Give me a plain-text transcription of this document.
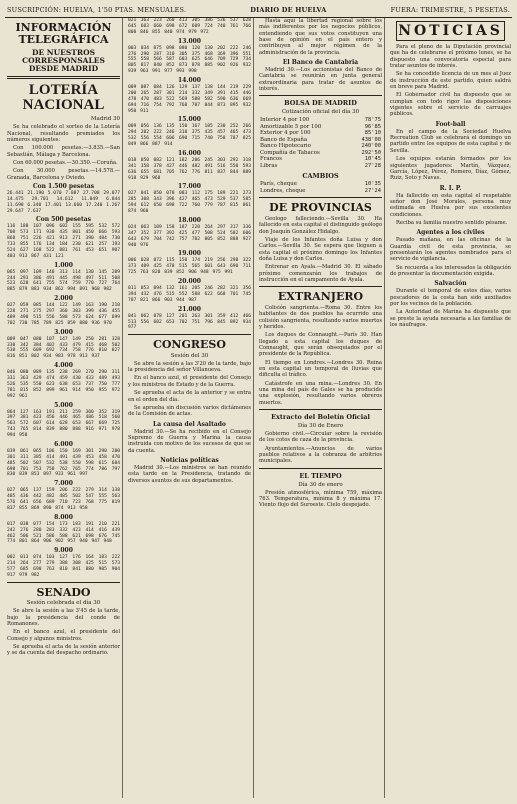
SUSCRIPCIÓN: HUELVA, 1'50 PTAS. MENSUALES.	DIARIO DE HUELVA	FUERA: TRIMESTRE, 5 PESETAS.
INFORMACIÓN TELEGRÁFICA
DE NUESTROS CORRESPONSALES DESDE MADRID
LOTERÍA NACIONAL
Madrid 30

Se ha celebrado el sorteo de la Lotería Nacional, resultando premiados los números siguientes:

Con 100.000 pesetas.—3.835.—San Sebastián, Málaga y Barcelona.

Con 60.000 pesetas.—30.350.—Coruña.

Con 30.000 pesetas.—14.578.—Granada, Barcelona y Oviedo.

Con 1.500 pesetas

26.441 21.190 5.070 7.887 27.708 29.077 14.475 29.701 14.612 11.849 6.844 11.698 6.340 17.401 13.660 17.240 1.267 29.647 7.637

Con 500 pesetas

116 188 107 096 602 155 595 532 572 708 573 171 930 435 801 450 666 593 868 751 226 421 913 271 390 484 730 733 855 176 134 184 230 621 257 193 524 627 168 522 881 761 453 651 907 403 913 867 431 121

1.000

065 097 109 140 313 114 130 145 209 244 293 386 491 445 498 497 511 508 523 628 641 755 574 759 770 727 764 885 879 883 934 862 994 891 968 982

2.000

027 059 085 144 122 149 163 190 210 228 271 275 297 360 383 399 436 455 489 490 515 556 588 573 624 677 699 702 730 785 789 825 859 880 936 970

3.000

009 047 080 107 147 149 250 281 328 330 342 384 402 433 479 415 468 502 538 555 609 692 734 758 776 810 827 816 851 802 934 983 978 913 937

4.000

046 080 089 135 238 269 270 290 311 331 363 429 474 459 430 433 489 493 526 535 550 623 638 653 737 750 777 781 815 852 899 961 914 950 955 972 992 961

5.000

064 127 163 191 211 259 300 352 319 397 381 423 456 446 465 486 518 560 563 572 607 614 628 653 667 669 725 743 765 814 839 880 888 916 971 978 994 958

6.000

039 061 065 106 150 169 301 290 280 301 311 385 414 491 439 453 458 470 485 502 507 532 538 550 598 615 684 698 701 753 758 762 765 774 786 797 830 839 853 897 933 961 997

7.000

027 065 137 159 206 222 279 314 338 405 436 442 482 485 502 547 555 563 576 641 656 689 710 723 768 775 819 837 855 869 890 874 913 958

8.000

017 038 077 154 173 183 191 210 221 242 276 280 283 332 423 414 416 439 462 506 521 586 588 621 698 676 745 774 801 864 906 902 957 940 947 948

9.000

002 013 074 103 127 176 164 183 222 214 264 277 279 388 308 425 515 573 577 685 690 763 810 841 880 905 904 917 979 982

SENADO
Sesión celebrada el día 30

Se abre la sesión a las 3'45 de la tarde, bajo la presidencia del conde de Romanones.

En el banco azul, el presidente del Consejo y algunos ministros.

Se aprueba el acta de la sesión anterior y se da cuenta del despacho ordinario.

021 363 223 260 413 305 386 536 537 628 645 603 660 698 672 609 724 740 761 766 808 846 855 840 974 979 972

13.000

003 034 075 098 080 120 130 202 222 246 276 290 287 310 305 375 468 369 396 551 555 558 566 587 603 625 646 709 729 734 805 817 840 852 873 878 885 902 926 932 939 963 991 977 993 998

14.000

009 087 084 126 129 137 138 144 219 229 200 265 287 301 214 332 349 391 415 446 478 470 483 522 569 588 582 590 636 669 694 716 754 792 768 787 844 873 895 932 950 911

15.000

009 056 136 135 150 167 185 230 252 266 294 202 222 246 318 375 435 457 465 473 532 556 554 606 690 715 740 758 787 825 849 866 887 914

16.000

018 050 082 121 182 206 245 303 292 318 341 358 378 427 446 482 491 516 550 593 636 655 681 705 762 776 811 837 844 889 918 929 968

17.000

027 041 050 078 083 112 175 189 221 273 285 308 343 396 427 465 473 529 537 585 594 612 650 698 722 760 779 787 815 861 874 960

18.000

024 063 109 158 187 220 264 297 317 336 347 352 377 392 425 477 508 524 582 606 643 679 704 742 757 782 805 852 888 927 940 976

19.000

006 028 072 115 150 174 219 256 298 322 373 409 425 478 515 565 601 643 690 711 725 763 820 839 852 906 948 975 991

20.000

011 053 094 132 161 205 246 282 321 356 394 432 476 515 552 588 622 668 701 745 787 821 866 903 944 987

21.000

041 062 078 127 201 263 301 359 412 466 513 556 602 653 702 751 796 845 892 934 977

CONGRESO
Sesión del 30

Se abre la sesión a las 3'20 de la tarde, bajo la presidencia del señor Villanueva.

En el banco azul, el presidente del Consejo y los ministros de Estado y de la Guerra.

Se aprueba el acta de la anterior y se entra en el orden del día.

Se aprueba sin discusión varios dictámenes de la Comisión de actas.

La causa del Asaltado

Madrid 30.—Se ha recibido en el Consejo Supremo de Guerra y Marina la causa instruida con motivo de los sucesos de que se da cuenta.

Noticias políticas

Madrid 30.—Los ministros se han reunido esta tarde en la Presidencia, tratando de diversos asuntos de sus departamentos.

Hasta aquí la libertad regional sobre los más indiferentes por los negocios públicos, entendiendo que sus votos constituyen una base de opinión en el país entero y contribuyen al mejor régimen de la administración de la provincia.

El Banco de Cantabria

Madrid 30.—Los accionistas del Banco de Cantabria se reunirán en junta general extraordinaria para tratar de asuntos de interés.

BOLSA DE MADRID
Cotización oficial del día 30
Interior 4 por 100	78'75
Amortizable 5 por 100	96'85
Exterior 4 por 100	85'10
Banco de España	438'00
Banco Hipotecario	240'00
Compañía de Tabacos	292'50
Francos	10'45
Libras	27'28
CAMBIOS
París, cheque	10'35
Londres, cheque	27'24
DE PROVINCIAS

Geologo falleciendo.—Sevilla 30. Ha fallecido en esta capital el distinguido geólogo don Joaquín González Hidalgo.

Viaje de los Infantes doña Luisa y don Carlos.—Sevilla 30. Se espera que lleguen a esta capital el próximo domingo los Infantes doña Luisa y don Carlos.

Entrenar en Ayala.—Madrid 30. El sábado próximo comenzarán los trabajos de instrucción en el campamento de Ayala.

EXTRANJERO

Colisión sangrienta.—Roma 30. Entre los habitantes de dos pueblos ha ocurrido una colisión sangrienta, resultando varios muertos y heridos.

Los duques de Connaught.—París 30. Han llegado a esta capital los duques de Connaught, que serán obsequiados por el presidente de la República.

El tiempo en Londres.—Londres 30. Reina en esta capital un temporal de lluvias que dificulta el tráfico.

Catástrofe en una mina.—Londres 30. En una mina del país de Gales se ha producido una explosión, resultando varios obreros muertos.

Extracto del Boletín Oficial
Día 30 de Enero

Gobierno civil.—Circular sobre la revisión de los cotos de caza de la provincia.

Ayuntamientos.—Anuncios de varios pueblos relativos a la cobranza de arbitrios municipales.

EL TIEMPO
Día 30 de enero

Presión atmosférica, mínima 759, máxima 763. Temperatura, mínima 8 y máxima 17. Viento flojo del Suroeste. Cielo despejado.

NOTICIAS

Para el pleno de la Diputación provincial que ha de celebrarse el próximo lunes, se ha dispuesto una convocatoria especial para tratar asuntos de interés.

Se ha concedido licencia de un mes al Juez de instrucción de este partido, quien saldrá en breve para Madrid.

El Gobernador civil ha dispuesto que se cumplan con todo rigor las disposiciones vigentes sobre el servicio de carruajes públicos.

Foot-ball

En el campo de la Sociedad Huelva Recreation Club se celebrará el domingo un partido entre los equipos de esta capital y de Sevilla.

Los equipos estarán formados por los siguientes jugadores: Martín, Vázquez, García, López, Pérez, Romero, Díaz, Gómez, Ruiz, Soto y Navas.

R. I. P.

Ha fallecido en esta capital el respetable señor don José Morales, persona muy estimada en Huelva por sus excelentes condiciones.

Reciba su familia nuestro sentido pésame.

Agentes a los civiles

Pasado mañana, en las oficinas de la Guardia civil de esta provincia, se presentarán los agentes nombrados para el servicio de vigilancia.

Se recuerda a los interesados la obligación de presentar la documentación exigida.

Salvación

Durante el temporal de estos días, varios pescadores de la costa han sido auxiliados por los vecinos de la población.

La Autoridad de Marina ha dispuesto que se preste la ayuda necesaria a las familias de los náufragos.
